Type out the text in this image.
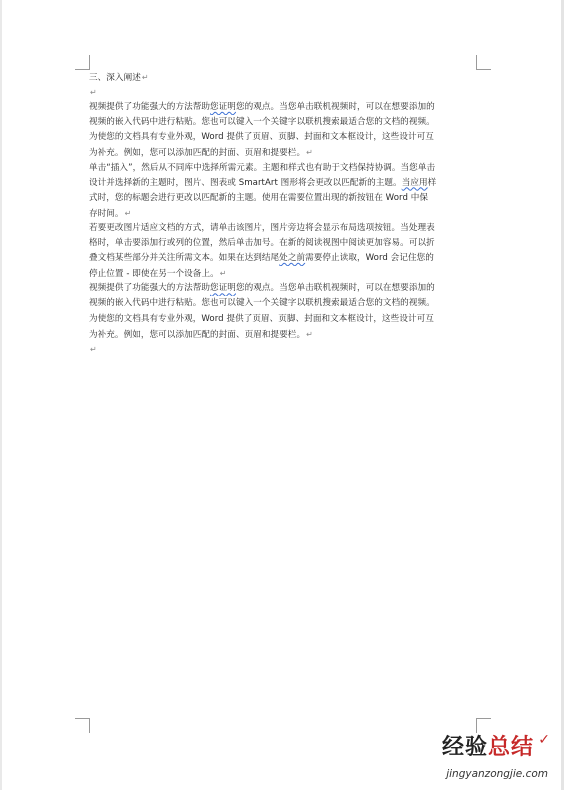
三、深入阐述↵
↵
视频提供了功能强大的方法帮助您证明您的观点。当您单击联机视频时，可以在想要添加的
视频的嵌入代码中进行粘贴。您也可以键入一个关键字以联机搜索最适合您的文档的视频。
为使您的文档具有专业外观，Word 提供了页眉、页脚、封面和文本框设计，这些设计可互
为补充。例如，您可以添加匹配的封面、页眉和提要栏。↵
单击“插入”，然后从不同库中选择所需元素。主题和样式也有助于文档保持协调。当您单击
设计并选择新的主题时，图片、图表或 SmartArt 图形将会更改以匹配新的主题。当应用样
式时，您的标题会进行更改以匹配新的主题。使用在需要位置出现的新按钮在 Word 中保
存时间。↵
若要更改图片适应文档的方式，请单击该图片，图片旁边将会显示布局选项按钮。当处理表
格时，单击要添加行或列的位置，然后单击加号。在新的阅读视图中阅读更加容易。可以折
叠文档某些部分并关注所需文本。如果在达到结尾处之前需要停止读取，Word 会记住您的
停止位置 - 即使在另一个设备上。↵
视频提供了功能强大的方法帮助您证明您的观点。当您单击联机视频时，可以在想要添加的
视频的嵌入代码中进行粘贴。您也可以键入一个关键字以联机搜索最适合您的文档的视频。
为使您的文档具有专业外观，Word 提供了页眉、页脚、封面和文本框设计，这些设计可互
为补充。例如，您可以添加匹配的封面、页眉和提要栏。↵
↵
经验总结 ✓
jingyanzongjie.com
